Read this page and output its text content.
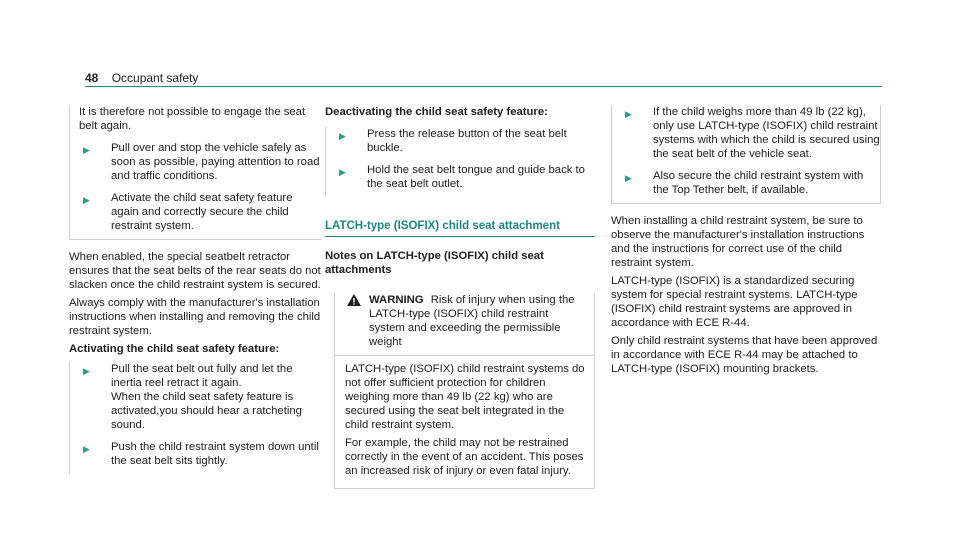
48 Occupant safety

It is therefore not possible to engage the seat belt again.

▶ Pull over and stop the vehicle safely as soon as possible, paying attention to road and traffic conditions.
▶ Activate the child seat safety feature again and correctly secure the child restraint system.

When enabled, the special seatbelt retractor ensures that the seat belts of the rear seats do not slacken once the child restraint system is secured.

Always comply with the manufacturer's installation instructions when installing and removing the child restraint system.

Activating the child seat safety feature:

▶ Pull the seat belt out fully and let the inertia reel retract it again.
When the child seat safety feature is activated,you should hear a ratcheting sound.
▶ Push the child restraint system down until the seat belt sits tightly.

Deactivating the child seat safety feature:

▶ Press the release button of the seat belt buckle.
▶ Hold the seat belt tongue and guide back to the seat belt outlet.
LATCH-type (ISOFIX) child seat attachment

Notes on LATCH-type (ISOFIX) child seat attachments

WARNING Risk of injury when using the LATCH-type (ISOFIX) child restraint system and exceeding the permissible weight

LATCH-type (ISOFIX) child restraint systems do not offer sufficient protection for children weighing more than 49 lb (22 kg) who are secured using the seat belt integrated in the child restraint system.

For example, the child may not be restrained correctly in the event of an accident. This poses an increased risk of injury or even fatal injury.

▶ If the child weighs more than 49 lb (22 kg), only use LATCH-type (ISOFIX) child restraint systems with which the child is secured using the seat belt of the vehicle seat.
▶ Also secure the child restraint system with the Top Tether belt, if available.

When installing a child restraint system, be sure to observe the manufacturer's installation instructions and the instructions for correct use of the child restraint system.

LATCH-type (ISOFIX) is a standardized securing system for special restraint systems. LATCH-type (ISOFIX) child restraint systems are approved in accordance with ECE R-44.

Only child restraint systems that have been approved in accordance with ECE R-44 may be attached to LATCH-type (ISOFIX) mounting brackets.
